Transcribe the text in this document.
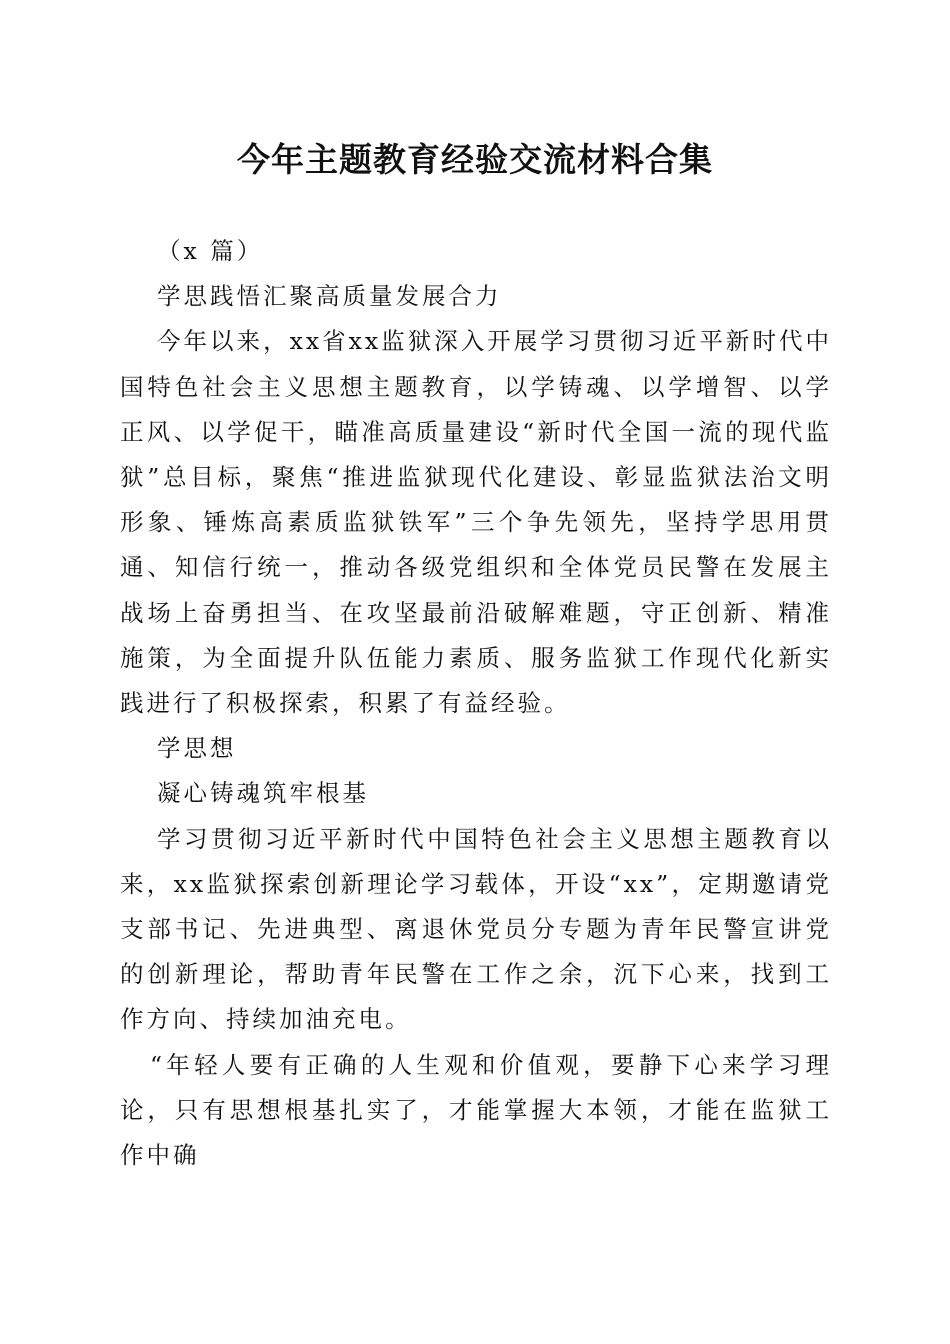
今年主题教育经验交流材料合集

（x 篇）

学思践悟汇聚高质量发展合力

今年以来，xx省xx监狱深入开展学习贯彻习近平新时代中国特色社会主义思想主题教育，以学铸魂、以学增智、以学正风、以学促干，瞄准高质量建设“新时代全国一流的现代监狱”总目标，聚焦“推进监狱现代化建设、彰显监狱法治文明形象、锤炼高素质监狱铁军”三个争先领先，坚持学思用贯通、知信行统一，推动各级党组织和全体党员民警在发展主战场上奋勇担当、在攻坚最前沿破解难题，守正创新、精准施策，为全面提升队伍能力素质、服务监狱工作现代化新实践进行了积极探索，积累了有益经验。

学思想

凝心铸魂筑牢根基

学习贯彻习近平新时代中国特色社会主义思想主题教育以来，xx监狱探索创新理论学习载体，开设“xx”，定期邀请党支部书记、先进典型、离退休党员分专题为青年民警宣讲党的创新理论，帮助青年民警在工作之余，沉下心来，找到工作方向、持续加油充电。

“年轻人要有正确的人生观和价值观，要静下心来学习理论，只有思想根基扎实了，才能掌握大本领，才能在监狱工作中确
